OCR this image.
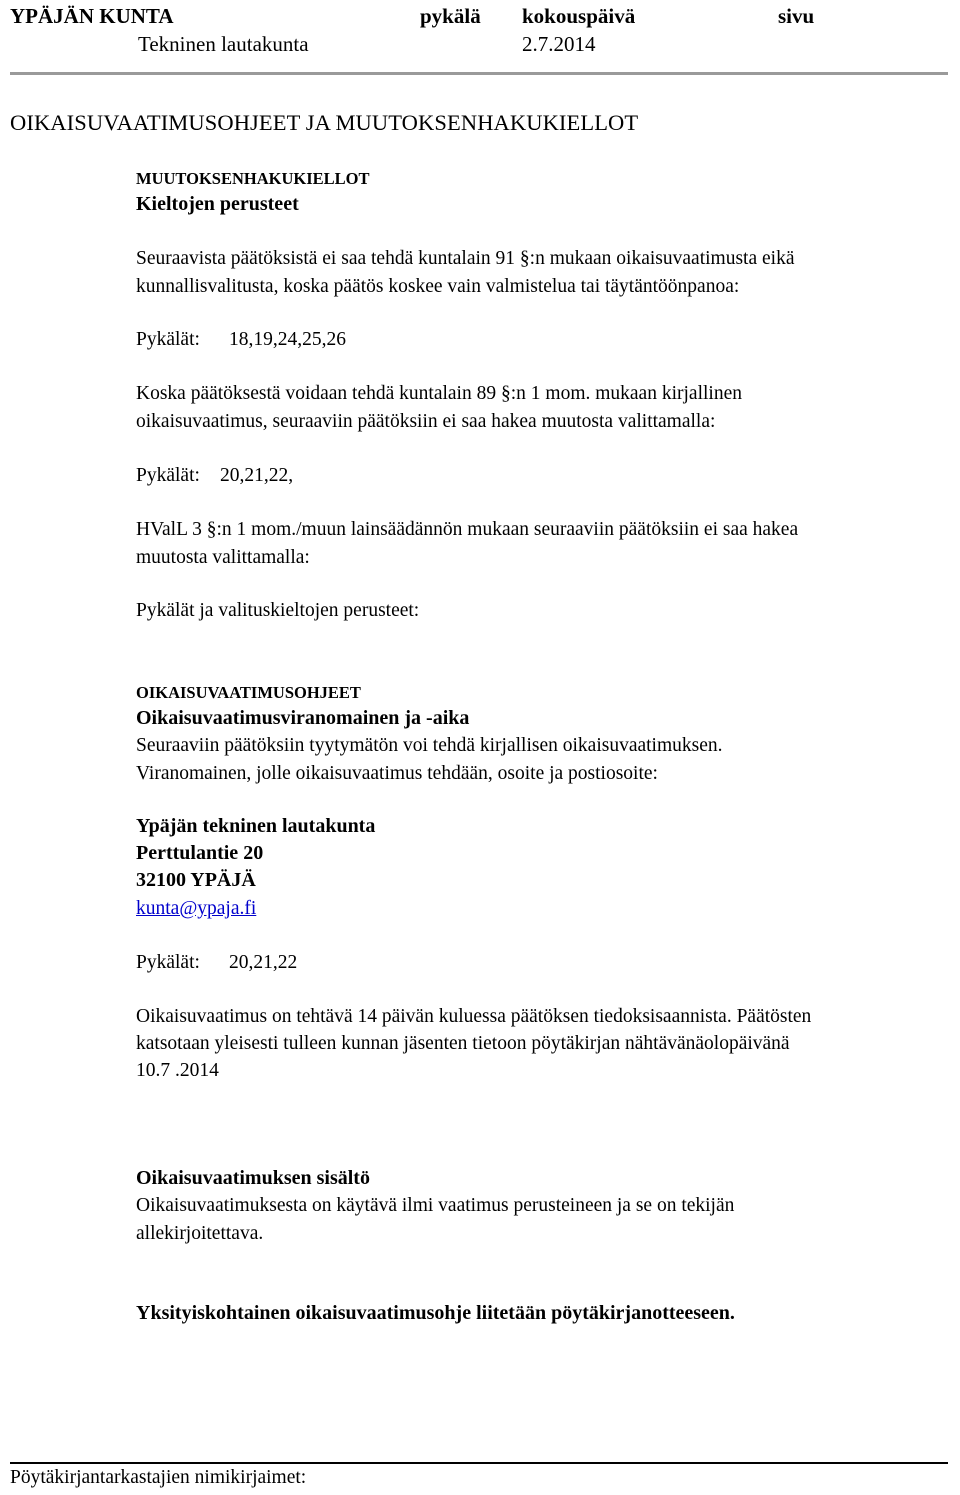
YPÄJÄN KUNTA	pykälä kokouspäivä	sivu
Tekninen lautakunta	2.7.2014
OIKAISUVAATIMUSOHJEET JA MUUTOKSENHAKUKIELLOT
MUUTOKSENHAKUKIELLOT
Kieltojen perusteet
Seuraavista päätöksistä ei saa tehdä kuntalain 91 §:n mukaan oikaisuvaatimusta eikä
kunnallisvalitusta, koska päätös koskee vain valmistelua tai täytäntöönpanoa:
Pykälät: 18,19,24,25,26
Koska päätöksestä voidaan tehdä kuntalain 89 §:n 1 mom. mukaan kirjallinen
oikaisuvaatimus, seuraaviin päätöksiin ei saa hakea muutosta valittamalla:
Pykälät: 20,21,22,
HValL 3 §:n 1 mom./muun lainsäädännön mukaan seuraaviin päätöksiin ei saa hakea
muutosta valittamalla:
Pykälät ja valituskieltojen perusteet:
OIKAISUVAATIMUSOHJEET
Oikaisuvaatimusviranomainen ja -aika
Seuraaviin päätöksiin tyytymätön voi tehdä kirjallisen oikaisuvaatimuksen.
Viranomainen, jolle oikaisuvaatimus tehdään, osoite ja postiosoite:
Ypäjän tekninen lautakunta
Perttulantie 20
32100 YPÄJÄ
kunta@ypaja.fi
Pykälät: 20,21,22
Oikaisuvaatimus on tehtävä 14 päivän kuluessa päätöksen tiedoksisaannista. Päätösten
katsotaan yleisesti tulleen kunnan jäsenten tietoon pöytäkirjan nähtävänäolopäivänä
10.7 .2014
Oikaisuvaatimuksen sisältö
Oikaisuvaatimuksesta on käytävä ilmi vaatimus perusteineen ja se on tekijän
allekirjoitettava.
Yksityiskohtainen oikaisuvaatimusohje liitetään pöytäkirjanotteeseen.
Pöytäkirjantarkastajien nimikirjaimet:
